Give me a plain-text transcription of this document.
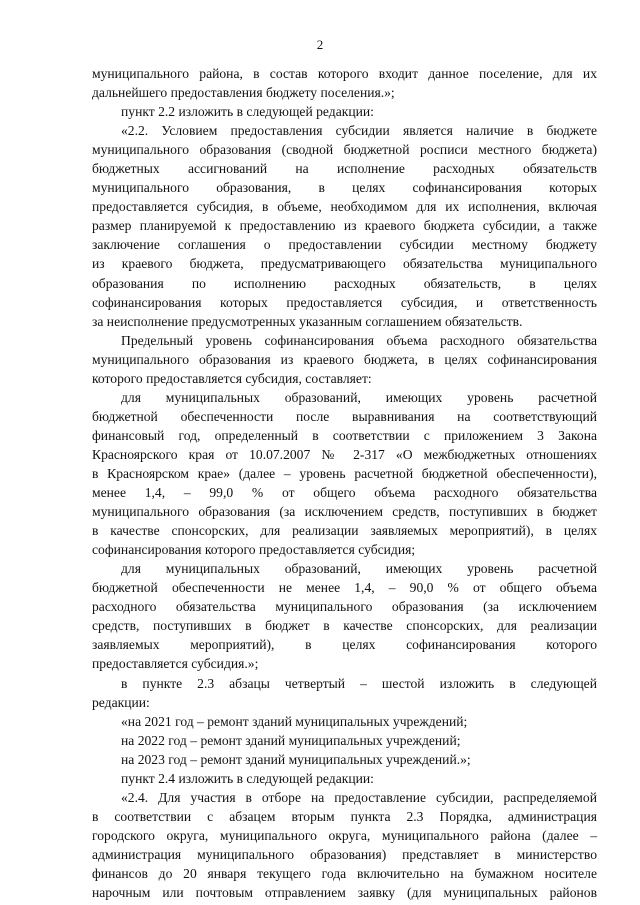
2
муниципального района, в состав которого входит данное поселение, для их
дальнейшего предоставления бюджету поселения.»;
пункт 2.2 изложить в следующей редакции:
«2.2. Условием предоставления субсидии является наличие в бюджете
муниципального образования (сводной бюджетной росписи местного бюджета)
бюджетных ассигнований на исполнение расходных обязательств
муниципального образования, в целях софинансирования которых
предоставляется субсидия, в объеме, необходимом для их исполнения, включая
размер планируемой к предоставлению из краевого бюджета субсидии, а также
заключение соглашения о предоставлении субсидии местному бюджету
из краевого бюджета, предусматривающего обязательства муниципального
образования по исполнению расходных обязательств, в целях
софинансирования которых предоставляется субсидия, и ответственность
за неисполнение предусмотренных указанным соглашением обязательств.
Предельный уровень софинансирования объема расходного обязательства
муниципального образования из краевого бюджета, в целях софинансирования
которого предоставляется субсидия, составляет:
для муниципальных образований, имеющих уровень расчетной
бюджетной обеспеченности после выравнивания на соответствующий
финансовый год, определенный в соответствии с приложением 3 Закона
Красноярского края от 10.07.2007 № 2-317 «О межбюджетных отношениях
в Красноярском крае» (далее – уровень расчетной бюджетной обеспеченности),
менее 1,4, – 99,0 % от общего объема расходного обязательства
муниципального образования (за исключением средств, поступивших в бюджет
в качестве спонсорских, для реализации заявляемых мероприятий), в целях
софинансирования которого предоставляется субсидия;
для муниципальных образований, имеющих уровень расчетной
бюджетной обеспеченности не менее 1,4, – 90,0 % от общего объема
расходного обязательства муниципального образования (за исключением
средств, поступивших в бюджет в качестве спонсорских, для реализации
заявляемых мероприятий), в целях софинансирования которого
предоставляется субсидия.»;
в пункте 2.3 абзацы четвертый – шестой изложить в следующей
редакции:
«на 2021 год – ремонт зданий муниципальных учреждений;
на 2022 год – ремонт зданий муниципальных учреждений;
на 2023 год – ремонт зданий муниципальных учреждений.»;
пункт 2.4 изложить в следующей редакции:
«2.4. Для участия в отборе на предоставление субсидии, распределяемой
в соответствии с абзацем вторым пункта 2.3 Порядка, администрация
городского округа, муниципального округа, муниципального района (далее –
администрация муниципального образования) представляет в министерство
финансов до 20 января текущего года включительно на бумажном носителе
нарочным или почтовым отправлением заявку (для муниципальных районов
